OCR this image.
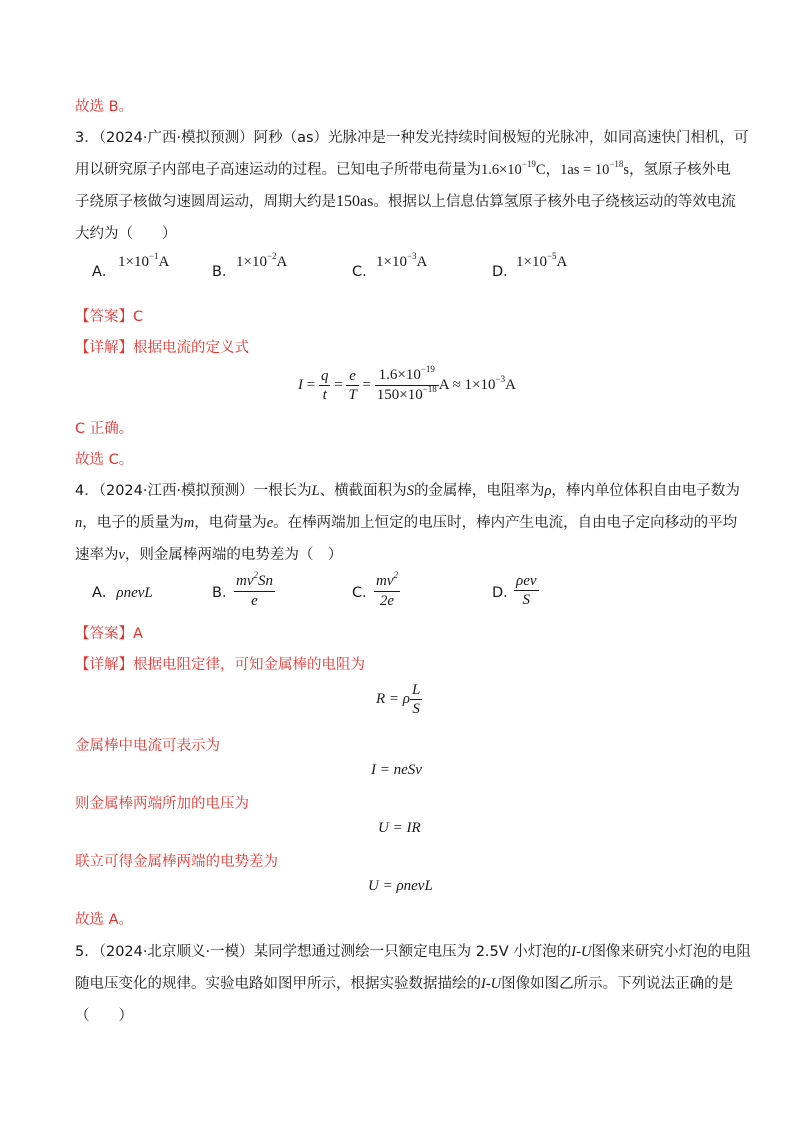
故选 B。
3．（2024·广西·模拟预测）阿秒（as）光脉冲是一种发光持续时间极短的光脉冲，如同高速快门相机，可
用以研究原子内部电子高速运动的过程。已知电子所带电荷量为$1.6\times 10^{-19}C$，$1as = 10^{-18}s$，氢原子核外电
子绕原子核做匀速圆周运动，周期大约是150as。根据以上信息估算氢原子核外电子绕核运动的等效电流
大约为（　　）
A．
$1\times 10^{-1}A$
B．
$1\times 10^{-2}A$
C．
$1\times 10^{-3}A$
D．
$1\times 10^{-5}A$
【答案】C
【详解】根据电流的定义式
$I = \frac{q}{t} = \frac{e}{T} = \frac{1.6\times 10^{-19}}{150\times 10^{-18}}$ $A \approx 1\times 10^{-3}A$
C 正确。
故选 C。
4．（2024·江西·模拟预测）一根长为L、横截面积为S的金属棒，电阻率为ρ，棒内单位体积自由电子数为
n，电子的质量为m，电荷量为e。在棒两端加上恒定的电压时，棒内产生电流，自由电子定向移动的平均
速率为v，则金属棒两端的电势差为（　）
A．ρnevL	B．
$\frac{mv^2Sn}{e}$	C．
$\frac{mv^2}{2e}$	D．
$\frac{\text{ρev}}{S}$
【答案】A
【详解】根据电阻定律，可知金属棒的电阻为
R = ρ $\frac{L}{S}$
金属棒中电流可表示为
I = neSv
则金属棒两端所加的电压为
U = IR
联立可得金属棒两端的电势差为
U = ρnevL
故选 A。
5．（2024·北京顺义·一模）某同学想通过测绘一只额定电压为 2.5V 小灯泡的I-U图像来研究小灯泡的电阻
随电压变化的规律。实验电路如图甲所示，根据实验数据描绘的I-U图像如图乙所示。下列说法正确的是
（　　）
